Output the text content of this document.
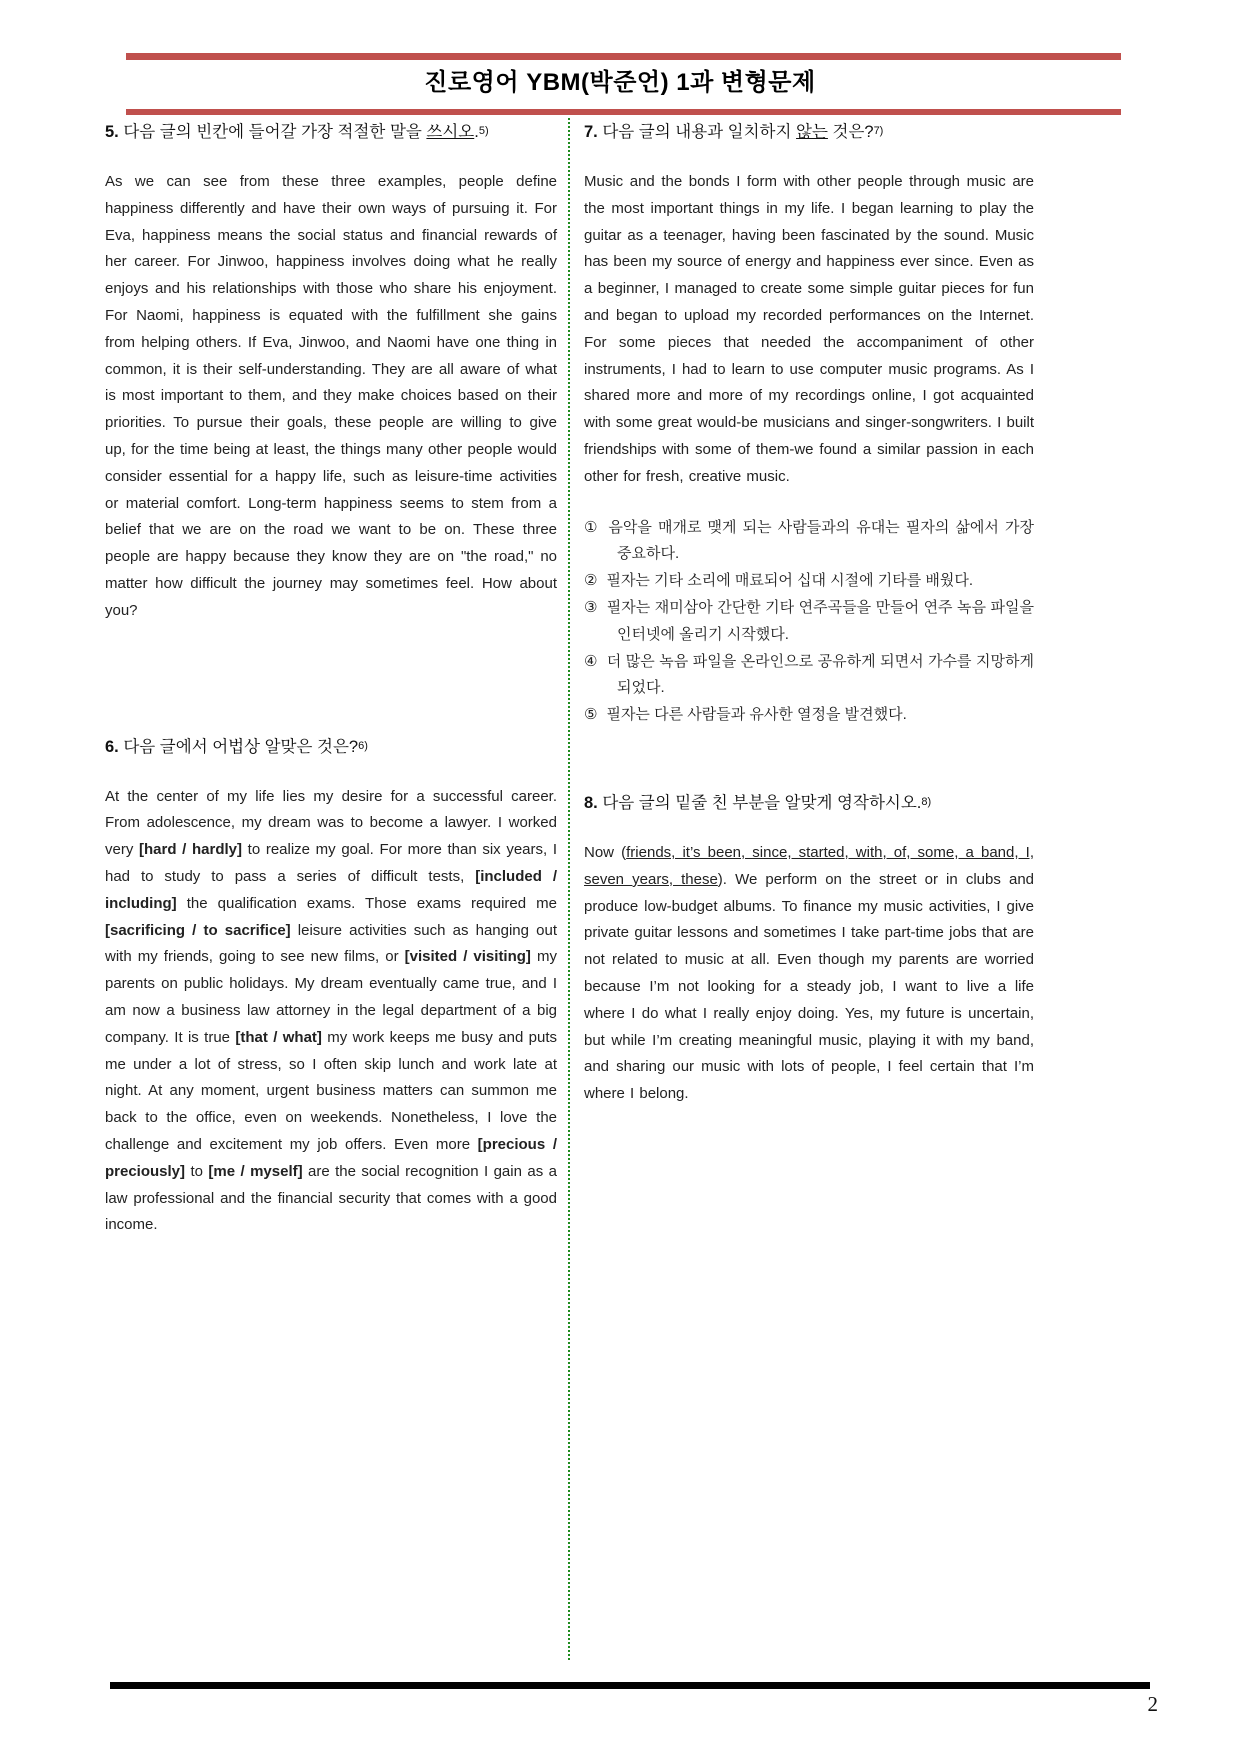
진로영어 YBM(박준언) 1과 변형문제
5. 다음 글의 빈칸에 들어갈 가장 적절한 말을 쓰시오.5)
As we can see from these three examples, people define happiness differently and have their own ways of pursuing it. For Eva, happiness means the social status and financial rewards of her career. For Jinwoo, happiness involves doing what he really enjoys and his relationships with those who share his enjoyment. For Naomi, happiness is equated with the fulfillment she gains from helping others. If Eva, Jinwoo, and Naomi have one thing in common, it is their self-understanding. They are all aware of what is most important to them, and they make choices based on their priorities. To pursue their goals, these people are willing to give up, for the time being at least, the things many other people would consider essential for a happy life, such as leisure-time activities or material comfort. Long-term happiness seems to stem from a belief that we are on the road we want to be on. These three people are happy because they know they are on "the road," no matter how difficult the journey may sometimes feel. How about you?
6. 다음 글에서 어법상 알맞은 것은?6)
At the center of my life lies my desire for a successful career. From adolescence, my dream was to become a lawyer. I worked very [hard / hardly] to realize my goal. For more than six years, I had to study to pass a series of difficult tests, [included / including] the qualification exams. Those exams required me [sacrificing / to sacrifice] leisure activities such as hanging out with my friends, going to see new films, or [visited / visiting] my parents on public holidays. My dream eventually came true, and I am now a business law attorney in the legal department of a big company. It is true [that / what] my work keeps me busy and puts me under a lot of stress, so I often skip lunch and work late at night. At any moment, urgent business matters can summon me back to the office, even on weekends. Nonetheless, I love the challenge and excitement my job offers. Even more [precious / preciously] to [me / myself] are the social recognition I gain as a law professional and the financial security that comes with a good income.
7. 다음 글의 내용과 일치하지 않는 것은?7)
Music and the bonds I form with other people through music are the most important things in my life. I began learning to play the guitar as a teenager, having been fascinated by the sound. Music has been my source of energy and happiness ever since. Even as a beginner, I managed to create some simple guitar pieces for fun and began to upload my recorded performances on the Internet. For some pieces that needed the accompaniment of other instruments, I had to learn to use computer music programs. As I shared more and more of my recordings online, I got acquainted with some great would-be musicians and singer-songwriters. I built friendships with some of them-we found a similar passion in each other for fresh, creative music.
① 음악을 매개로 맺게 되는 사람들과의 유대는 필자의 삶에서 가장 중요하다.
② 필자는 기타 소리에 매료되어 십대 시절에 기타를 배웠다.
③ 필자는 재미삼아 간단한 기타 연주곡들을 만들어 연주 녹음 파일을 인터넷에 올리기 시작했다.
④ 더 많은 녹음 파일을 온라인으로 공유하게 되면서 가수를 지망하게 되었다.
⑤ 필자는 다른 사람들과 유사한 열정을 발견했다.
8. 다음 글의 밑줄 친 부분을 알맞게 영작하시오.8)
Now (friends, it’s been, since, started, with, of, some, a band, I, seven years, these). We perform on the street or in clubs and produce low-budget albums. To finance my music activities, I give private guitar lessons and sometimes I take part-time jobs that are not related to music at all. Even though my parents are worried because I’m not looking for a steady job, I want to live a life where I do what I really enjoy doing. Yes, my future is uncertain, but while I’m creating meaningful music, playing it with my band, and sharing our music with lots of people, I feel certain that I’m where I belong.
2
